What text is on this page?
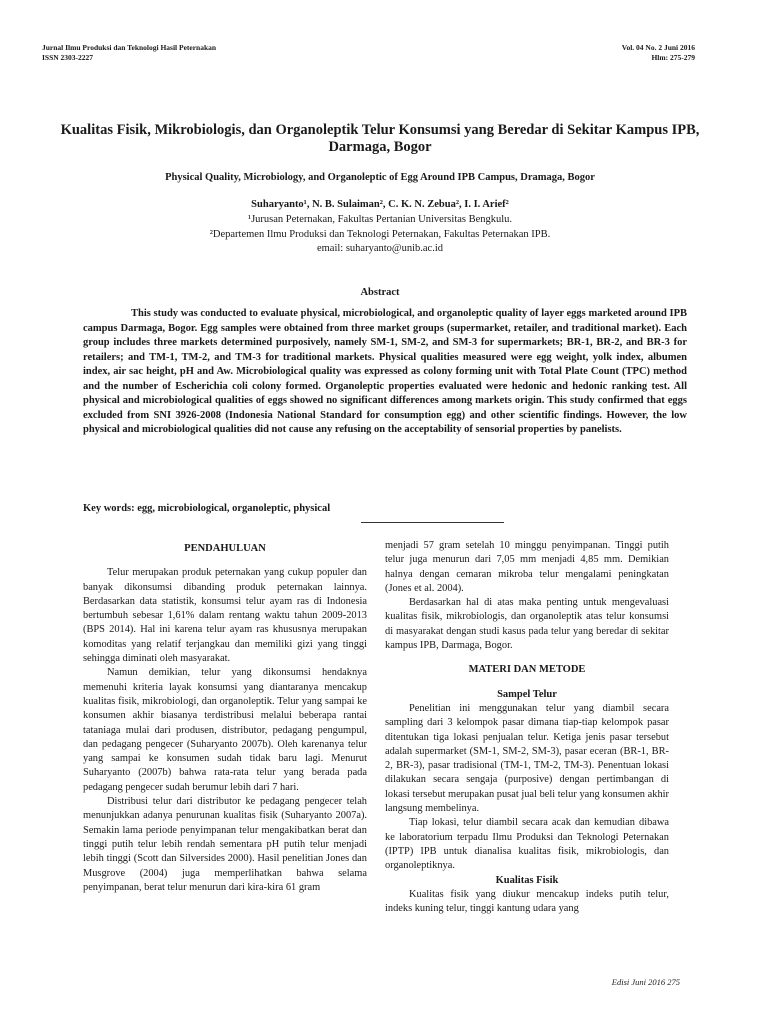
Jurnal Ilmu Produksi dan Teknologi Hasil Peternakan
ISSN 2303-2227
Vol. 04 No. 2 Juni 2016
Hlm: 275-279
Kualitas Fisik, Mikrobiologis, dan Organoleptik Telur Konsumsi yang Beredar di Sekitar Kampus IPB, Darmaga, Bogor
Physical Quality, Microbiology, and Organoleptic of Egg Around IPB Campus, Dramaga, Bogor
Suharyanto¹, N. B. Sulaiman², C. K. N. Zebua², I. I. Arief²
¹Jurusan Peternakan, Fakultas Pertanian Universitas Bengkulu.
²Departemen Ilmu Produksi dan Teknologi Peternakan, Fakultas Peternakan IPB.
email: suharyanto@unib.ac.id
Abstract

This study was conducted to evaluate physical, microbiological, and organoleptic quality of layer eggs marketed around IPB campus Darmaga, Bogor. Egg samples were obtained from three market groups (supermarket, retailer, and traditional market). Each group includes three markets determined purposively, namely SM-1, SM-2, and SM-3 for supermarkets; BR-1, BR-2, and BR-3 for retailers; and TM-1, TM-2, and TM-3 for traditional markets. Physical qualities measured were egg weight, yolk index, albumen index, air sac height, pH and Aw. Microbiological quality was expressed as colony forming unit with Total Plate Count (TPC) method and the number of Escherichia coli colony formed. Organoleptic properties evaluated were hedonic and hedonic ranking test. All physical and microbiological qualities of eggs showed no significant differences among markets origin. This study confirmed that eggs excluded from SNI 3926-2008 (Indonesia National Standard for consumption egg) and other scientific findings. However, the low physical and microbiological qualities did not cause any refusing on the acceptability of sensorial properties by panelists.

Key words: egg, microbiological, organoleptic, physical
PENDAHULUAN

Telur merupakan produk peternakan yang cukup populer dan banyak dikonsumsi dibanding produk peternakan lainnya. Berdasarkan data statistik, konsumsi telur ayam ras di Indonesia bertumbuh sebesar 1,61% dalam rentang waktu tahun 2009-2013 (BPS 2014). Hal ini karena telur ayam ras khususnya merupakan komoditas yang relatif terjangkau dan memiliki gizi yang tinggi sehingga diminati oleh masyarakat.

Namun demikian, telur yang dikonsumsi hendaknya memenuhi kriteria layak konsumsi yang diantaranya mencakup kualitas fisik, mikrobiologi, dan organoleptik. Telur yang sampai ke konsumen akhir biasanya terdistribusi melalui beberapa rantai tataniaga mulai dari produsen, distributor, pedagang pengumpul, dan pedagang pengecer (Suharyanto 2007b). Oleh karenanya telur yang sampai ke konsumen sudah tidak baru lagi. Menurut Suharyanto (2007b) bahwa rata-rata telur yang berada pada pedagang pengecer sudah berumur lebih dari 7 hari.

Distribusi telur dari distributor ke pedagang pengecer telah menunjukkan adanya penurunan kualitas fisik (Suharyanto 2007a). Semakin lama periode penyimpanan telur mengakibatkan berat dan tinggi putih telur lebih rendah sementara pH putih telur menjadi lebih tinggi (Scott dan Silversides 2000). Hasil penelitian Jones dan Musgrove (2004) juga memperlihatkan bahwa selama penyimpanan, berat telur menurun dari kira-kira 61 gram

menjadi 57 gram setelah 10 minggu penyimpanan. Tinggi putih telur juga menurun dari 7,05 mm menjadi 4,85 mm. Demikian halnya dengan cemaran mikroba telur mengalami peningkatan (Jones et al. 2004).

Berdasarkan hal di atas maka penting untuk mengevaluasi kualitas fisik, mikrobiologis, dan organoleptik atas telur konsumsi di masyarakat dengan studi kasus pada telur yang beredar di sekitar kampus IPB, Darmaga, Bogor.

MATERI DAN METODE
Sampel Telur

Penelitian ini menggunakan telur yang diambil secara sampling dari 3 kelompok pasar dimana tiap-tiap kelompok pasar ditentukan tiga lokasi penjualan telur. Ketiga jenis pasar tersebut adalah supermarket (SM-1, SM-2, SM-3), pasar eceran (BR-1, BR-2, BR-3), pasar tradisional (TM-1, TM-2, TM-3). Penentuan lokasi dilakukan secara sengaja (purposive) dengan pertimbangan di lokasi tersebut merupakan pusat jual beli telur yang konsumen akhir langsung membelinya.

Tiap lokasi, telur diambil secara acak dan kemudian dibawa ke laboratorium terpadu Ilmu Produksi dan Teknologi Peternakan (IPTP) IPB untuk dianalisa kualitas fisik, mikrobiologis, dan organoleptiknya.

Kualitas Fisik

Kualitas fisik yang diukur mencakup indeks putih telur, indeks kuning telur, tinggi kantung udara yang

Edisi Juni 2016 275
